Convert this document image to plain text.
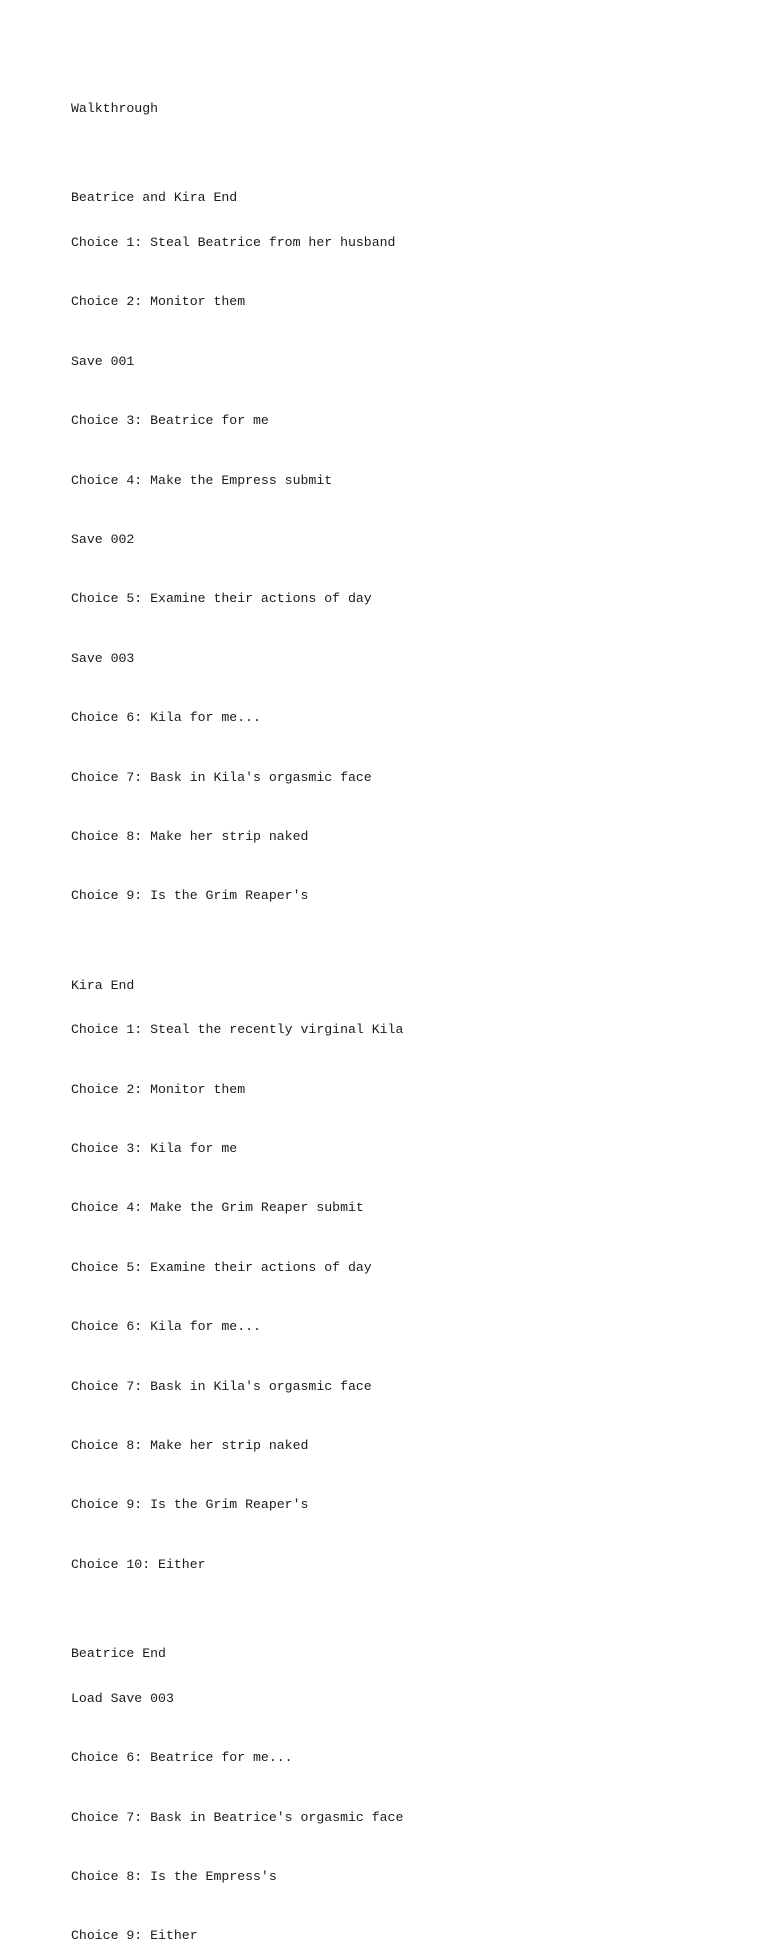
Walkthrough

Beatrice and Kira End

Choice 1: Steal Beatrice from her husband

Choice 2: Monitor them

Save 001

Choice 3: Beatrice for me

Choice 4: Make the Empress submit

Save 002

Choice 5: Examine their actions of day

Save 003

Choice 6: Kila for me...

Choice 7: Bask in Kila's orgasmic face

Choice 8: Make her strip naked

Choice 9: Is the Grim Reaper's

Kira End

Choice 1: Steal the recently virginal Kila

Choice 2: Monitor them

Choice 3: Kila for me

Choice 4: Make the Grim Reaper submit

Choice 5: Examine their actions of day

Choice 6: Kila for me...

Choice 7: Bask in Kila's orgasmic face

Choice 8: Make her strip naked

Choice 9: Is the Grim Reaper's

Choice 10: Either

Beatrice End

Load Save 003

Choice 6: Beatrice for me...

Choice 7: Bask in Beatrice's orgasmic face

Choice 8: Is the Empress's

Choice 9: Either
